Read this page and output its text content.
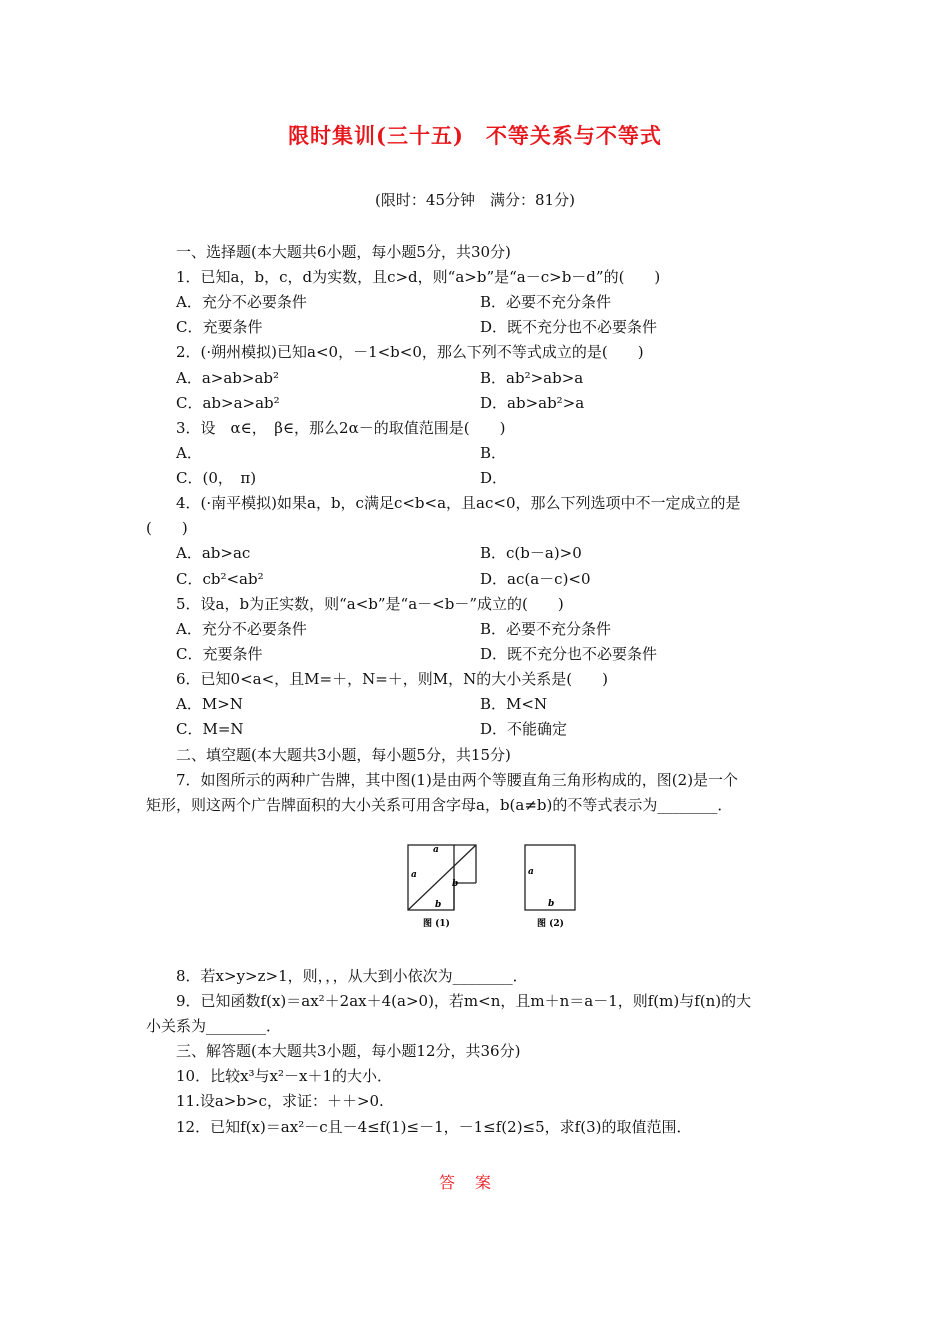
限时集训(三十五)　不等关系与不等式
(限时：45分钟　满分：81分)
一、选择题(本大题共6小题，每小题5分，共30分)
1．已知a，b，c，d为实数，且c>d，则“a>b”是“a－c>b－d”的(　　)
A．充分不必要条件	B．必要不充分条件
C．充要条件	D．既不充分也不必要条件
2．(·朔州模拟)已知a<0，－1<b<0，那么下列不等式成立的是(　　)
A．a>ab>ab²	B．ab²>ab>a
C．ab>a>ab²	D．ab>ab²>a
3．设　α∈，　β∈，那么2α－的取值范围是(　　)
A．	B．
C．(0，　π)	D．
4．(·南平模拟)如果a，b，c满足c<b<a，且ac<0，那么下列选项中不一定成立的是
(　　)
A．ab>ac	B．c(b－a)>0
C．cb²<ab²	D．ac(a－c)<0
5．设a，b为正实数，则“a<b”是“a－<b－”成立的(　　)
A．充分不必要条件	B．必要不充分条件
C．充要条件	D．既不充分也不必要条件
6．已知0<a<，且M=＋，N=＋，则M，N的大小关系是(　　)
A．M>N	B．M<N
C．M=N	D．不能确定
二、填空题(本大题共3小题，每小题5分，共15分)
7．如图所示的两种广告牌，其中图(1)是由两个等腰直角三角形构成的，图(2)是一个
矩形，则这两个广告牌面积的大小关系可用含字母a，b(a≠b)的不等式表示为________．
a
a
b
b
图 (1)
a
b
图 (2)
8．若x>y>z>1，则，，，从大到小依次为________．
9．已知函数f(x)＝ax²＋2ax＋4(a>0)，若m<n，且m＋n＝a－1，则f(m)与f(n)的大
小关系为________．
三、解答题(本大题共3小题，每小题12分，共36分)
10．比较x³与x²－x＋1的大小．
11.设a>b>c，求证：＋＋>0.
12．已知f(x)＝ax²－c且－4≤f(1)≤－1，－1≤f(2)≤5，求f(3)的取值范围．
答案
